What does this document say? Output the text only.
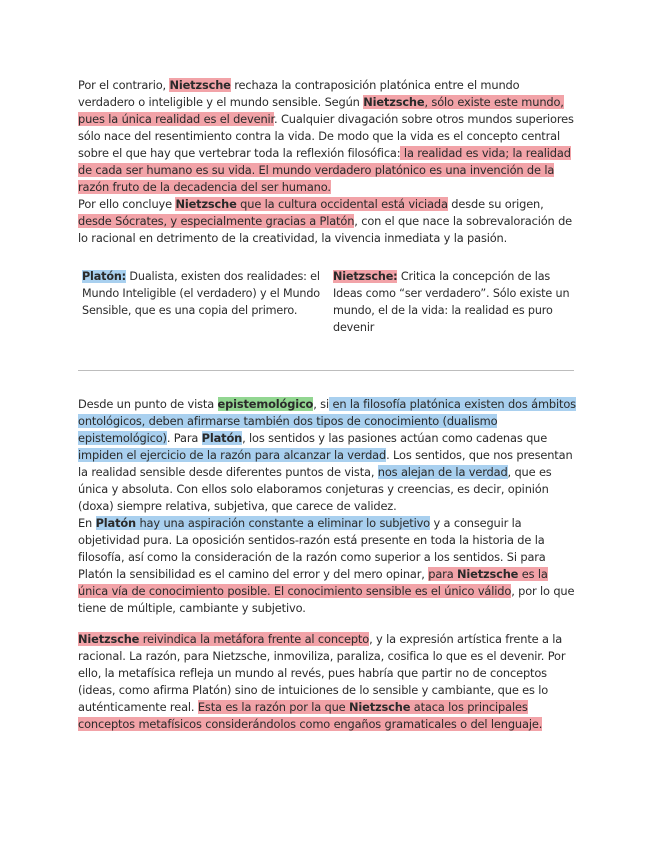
Por el contrario, Nietzsche rechaza la contraposición platónica entre el mundo verdadero o inteligible y el mundo sensible. Según Nietzsche, sólo existe este mundo, pues la única realidad es el devenir. Cualquier divagación sobre otros mundos superiores sólo nace del resentimiento contra la vida. De modo que la vida es el concepto central sobre el que hay que vertebrar toda la reflexión filosófica: la realidad es vida; la realidad de cada ser humano es su vida. El mundo verdadero platónico es una invención de la razón fruto de la decadencia del ser humano.
Por ello concluye Nietzsche que la cultura occidental está viciada desde su origen, desde Sócrates, y especialmente gracias a Platón, con el que nace la sobrevaloración de lo racional en detrimento de la creatividad, la vivencia inmediata y la pasión.
Platón: Dualista, existen dos realidades: el Mundo Inteligible (el verdadero) y el Mundo Sensible, que es una copia del primero.
Nietzsche: Critica la concepción de las Ideas como “ser verdadero”. Sólo existe un mundo, el de la vida: la realidad es puro devenir
Desde un punto de vista epistemológico, si en la filosofía platónica existen dos ámbitos ontológicos, deben afirmarse también dos tipos de conocimiento (dualismo epistemológico). Para Platón, los sentidos y las pasiones actúan como cadenas que impiden el ejercicio de la razón para alcanzar la verdad. Los sentidos, que nos presentan la realidad sensible desde diferentes puntos de vista, nos alejan de la verdad, que es única y absoluta. Con ellos solo elaboramos conjeturas y creencias, es decir, opinión (doxa) siempre relativa, subjetiva, que carece de validez.
En Platón hay una aspiración constante a eliminar lo subjetivo y a conseguir la objetividad pura. La oposición sentidos-razón está presente en toda la historia de la filosofía, así como la consideración de la razón como superior a los sentidos. Si para Platón la sensibilidad es el camino del error y del mero opinar, para Nietzsche es la única vía de conocimiento posible. El conocimiento sensible es el único válido, por lo que tiene de múltiple, cambiante y subjetivo.
Nietzsche reivindica la metáfora frente al concepto, y la expresión artística frente a la racional. La razón, para Nietzsche, inmoviliza, paraliza, cosifica lo que es el devenir. Por ello, la metafísica refleja un mundo al revés, pues habría que partir no de conceptos (ideas, como afirma Platón) sino de intuiciones de lo sensible y cambiante, que es lo auténticamente real. Esta es la razón por la que Nietzsche ataca los principales conceptos metafísicos considerándolos como engaños gramaticales o del lenguaje.
